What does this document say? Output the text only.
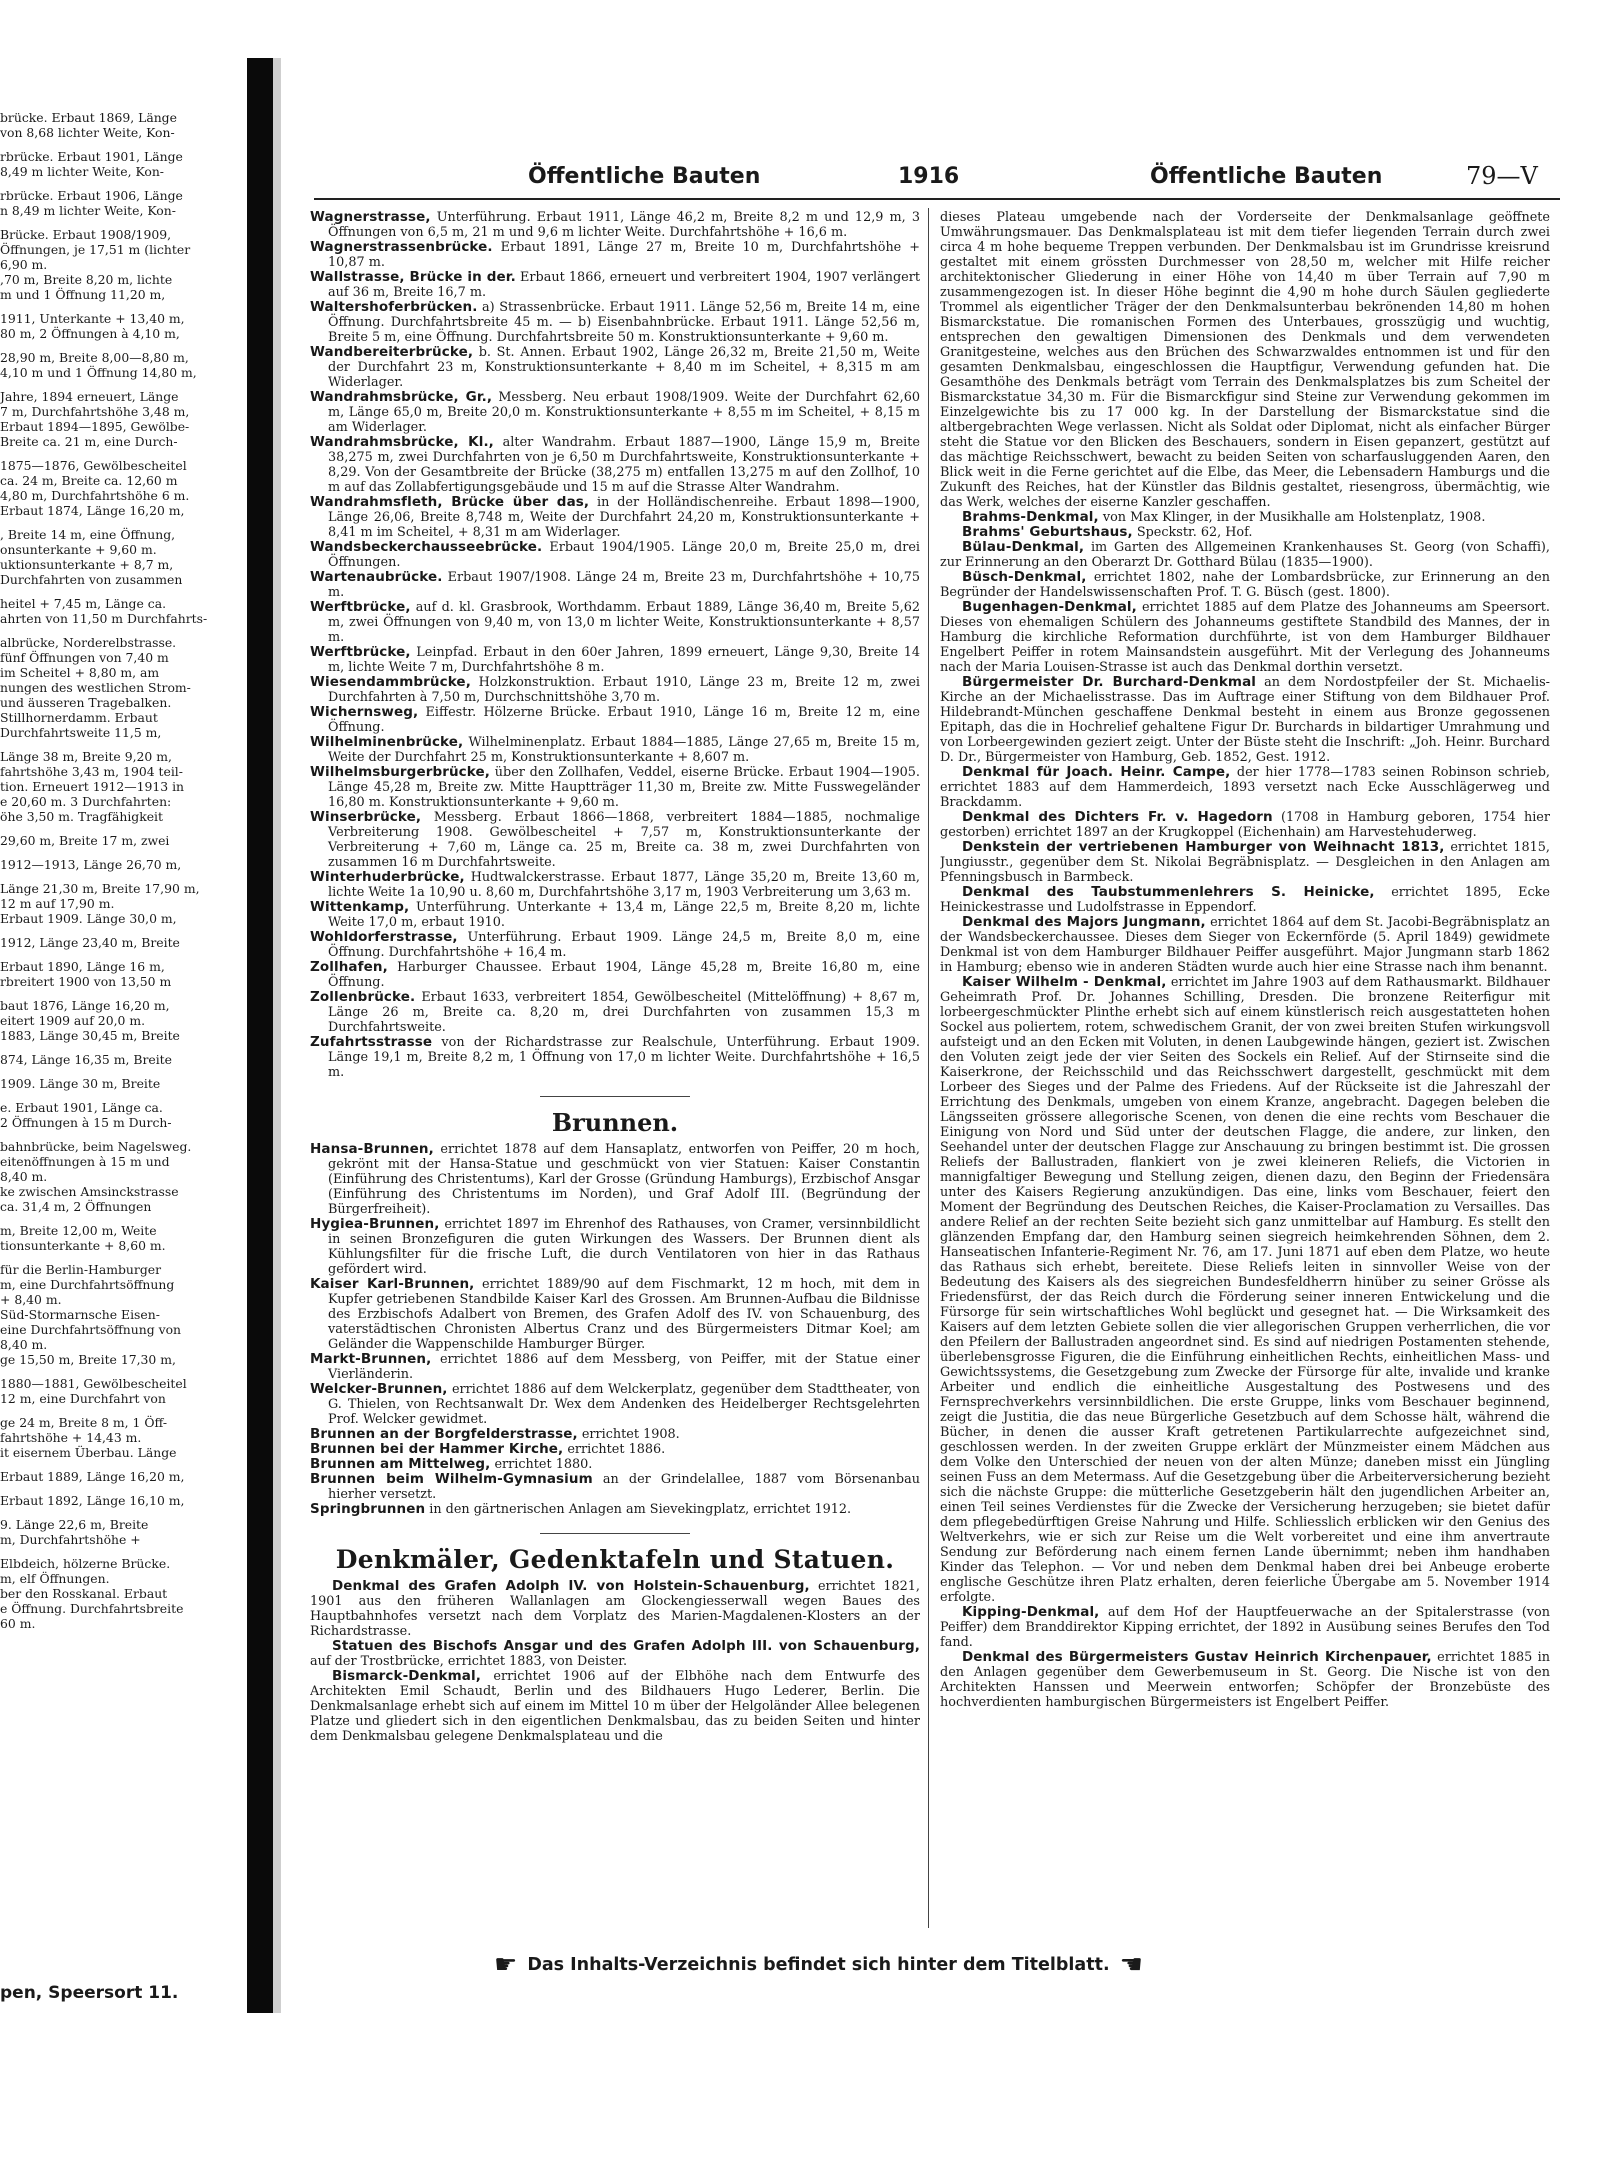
brücke. Erbaut 1869, Länge
von 8,68 lichter Weite, Kon-
rbrücke. Erbaut 1901, Länge
8,49 m lichter Weite, Kon-
rbrücke. Erbaut 1906, Länge
n 8,49 m lichter Weite, Kon-
Brücke. Erbaut 1908/1909,
Öffnungen, je 17,51 m (lichter
6,90 m.
,70 m, Breite 8,20 m, lichte
m und 1 Öffnung 11,20 m,
1911, Unterkante + 13,40 m,
80 m, 2 Öffnungen à 4,10 m,
28,90 m, Breite 8,00—8,80 m,
4,10 m und 1 Öffnung 14,80 m,
Jahre, 1894 erneuert, Länge
7 m, Durchfahrtshöhe 3,48 m,
Erbaut 1894—1895, Gewölbe-
Breite ca. 21 m, eine Durch-
1875—1876, Gewölbescheitel
ca. 24 m, Breite ca. 12,60 m
4,80 m, Durchfahrtshöhe 6 m.
Erbaut 1874, Länge 16,20 m,
, Breite 14 m, eine Öffnung,
onsunterkante + 9,60 m.
uktionsunterkante + 8,7 m,
Durchfahrten von zusammen
heitel + 7,45 m, Länge ca.
ahrten von 11,50 m Durchfahrts-
albrücke, Norderelbstrasse.
fünf Öffnungen von 7,40 m
im Scheitel + 8,80 m, am
nungen des westlichen Strom-
und äusseren Tragebalken.
Stillhornerdamm. Erbaut
Durchfahrtsweite 11,5 m,
Länge 38 m, Breite 9,20 m,
fahrtshöhe 3,43 m, 1904 teil-
tion. Erneuert 1912—1913 in
e 20,60 m. 3 Durchfahrten:
öhe 3,50 m. Tragfähigkeit
29,60 m, Breite 17 m, zwei
1912—1913, Länge 26,70 m,
Länge 21,30 m, Breite 17,90 m,
12 m auf 17,90 m.
Erbaut 1909. Länge 30,0 m,
1912, Länge 23,40 m, Breite
Erbaut 1890, Länge 16 m,
rbreitert 1900 von 13,50 m
baut 1876, Länge 16,20 m,
eitert 1909 auf 20,0 m.
1883, Länge 30,45 m, Breite
874, Länge 16,35 m, Breite
1909. Länge 30 m, Breite
e. Erbaut 1901, Länge ca.
2 Öffnungen à 15 m Durch-
bahnbrücke, beim Nagelsweg.
eitenöffnungen à 15 m und
8,40 m.
ke zwischen Amsinckstrasse
ca. 31,4 m, 2 Öffnungen
m, Breite 12,00 m, Weite
tionsunterkante + 8,60 m.
für die Berlin-Hamburger
m, eine Durchfahrtsöffnung
+ 8,40 m.
Süd-Stormarnsche Eisen-
eine Durchfahrtsöffnung von
8,40 m.
ge 15,50 m, Breite 17,30 m,
1880—1881, Gewölbescheitel
12 m, eine Durchfahrt von
ge 24 m, Breite 8 m, 1 Öff-
fahrtshöhe + 14,43 m.
it eisernem Überbau. Länge
Erbaut 1889, Länge 16,20 m,
Erbaut 1892, Länge 16,10 m,
9. Länge 22,6 m, Breite
m, Durchfahrtshöhe +
Elbdeich, hölzerne Brücke.
m, elf Öffnungen.
ber den Rosskanal. Erbaut
e Öffnung. Durchfahrtsbreite
60 m.
pen, Speersort 11.
Öffentliche Bauten	1916	Öffentliche Bauten	79—V
Wagnerstrasse, Unterführung. Erbaut 1911, Länge 46,2 m, Breite 8,2 m und 12,9 m, 3 Öffnungen von 6,5 m, 21 m und 9,6 m lichter Weite. Durchfahrtshöhe + 16,6 m.
Wagnerstrassenbrücke. Erbaut 1891, Länge 27 m, Breite 10 m, Durchfahrtshöhe + 10,87 m.
Wallstrasse, Brücke in der. Erbaut 1866, erneuert und verbreitert 1904, 1907 verlängert auf 36 m, Breite 16,7 m.
Waltershoferbrücken. a) Strassenbrücke. Erbaut 1911. Länge 52,56 m, Breite 14 m, eine Öffnung. Durchfahrtsbreite 45 m. — b) Eisenbahnbrücke. Erbaut 1911. Länge 52,56 m, Breite 5 m, eine Öffnung. Durchfahrtsbreite 50 m. Konstruktionsunterkante + 9,60 m.
Wandbereiterbrücke, b. St. Annen. Erbaut 1902, Länge 26,32 m, Breite 21,50 m, Weite der Durchfahrt 23 m, Konstruktionsunterkante + 8,40 m im Scheitel, + 8,315 m am Widerlager.
Wandrahmsbrücke, Gr., Messberg. Neu erbaut 1908/1909. Weite der Durchfahrt 62,60 m, Länge 65,0 m, Breite 20,0 m. Konstruktionsunterkante + 8,55 m im Scheitel, + 8,15 m am Widerlager.
Wandrahmsbrücke, Kl., alter Wandrahm. Erbaut 1887—1900, Länge 15,9 m, Breite 38,275 m, zwei Durchfahrten von je 6,50 m Durchfahrtsweite, Konstruktionsunterkante + 8,29. Von der Gesamtbreite der Brücke (38,275 m) entfallen 13,275 m auf den Zollhof, 10 m auf das Zollabfertigungsgebäude und 15 m auf die Strasse Alter Wandrahm.
Wandrahmsfleth, Brücke über das, in der Holländischenreihe. Erbaut 1898—1900, Länge 26,06, Breite 8,748 m, Weite der Durchfahrt 24,20 m, Konstruktionsunterkante + 8,41 m im Scheitel, + 8,31 m am Widerlager.
Wandsbeckerchausseebrücke. Erbaut 1904/1905. Länge 20,0 m, Breite 25,0 m, drei Öffnungen.
Wartenaubrücke. Erbaut 1907/1908. Länge 24 m, Breite 23 m, Durchfahrtshöhe + 10,75 m.
Werftbrücke, auf d. kl. Grasbrook, Worthdamm. Erbaut 1889, Länge 36,40 m, Breite 5,62 m, zwei Öffnungen von 9,40 m, von 13,0 m lichter Weite, Konstruktionsunterkante + 8,57 m.
Werftbrücke, Leinpfad. Erbaut in den 60er Jahren, 1899 erneuert, Länge 9,30, Breite 14 m, lichte Weite 7 m, Durchfahrtshöhe 8 m.
Wiesendammbrücke, Holzkonstruktion. Erbaut 1910, Länge 23 m, Breite 12 m, zwei Durchfahrten à 7,50 m, Durchschnittshöhe 3,70 m.
Wichernsweg, Eiffestr. Hölzerne Brücke. Erbaut 1910, Länge 16 m, Breite 12 m, eine Öffnung.
Wilhelminenbrücke, Wilhelminenplatz. Erbaut 1884—1885, Länge 27,65 m, Breite 15 m, Weite der Durchfahrt 25 m, Konstruktionsunterkante + 8,607 m.
Wilhelmsburgerbrücke, über den Zollhafen, Veddel, eiserne Brücke. Erbaut 1904—1905. Länge 45,28 m, Breite zw. Mitte Hauptträger 11,30 m, Breite zw. Mitte Fusswegeländer 16,80 m. Konstruktionsunterkante + 9,60 m.
Winserbrücke, Messberg. Erbaut 1866—1868, verbreitert 1884—1885, nochmalige Verbreiterung 1908. Gewölbescheitel + 7,57 m, Konstruktionsunterkante der Verbreiterung + 7,60 m, Länge ca. 25 m, Breite ca. 38 m, zwei Durchfahrten von zusammen 16 m Durchfahrtsweite.
Winterhuderbrücke, Hudtwalckerstrasse. Erbaut 1877, Länge 35,20 m, Breite 13,60 m, lichte Weite 1a 10,90 u. 8,60 m, Durchfahrtshöhe 3,17 m, 1903 Verbreiterung um 3,63 m.
Wittenkamp, Unterführung. Unterkante + 13,4 m, Länge 22,5 m, Breite 8,20 m, lichte Weite 17,0 m, erbaut 1910.
Wohldorferstrasse, Unterführung. Erbaut 1909. Länge 24,5 m, Breite 8,0 m, eine Öffnung. Durchfahrtshöhe + 16,4 m.
Zollhafen, Harburger Chaussee. Erbaut 1904, Länge 45,28 m, Breite 16,80 m, eine Öffnung.
Zollenbrücke. Erbaut 1633, verbreitert 1854, Gewölbescheitel (Mittelöffnung) + 8,67 m, Länge 26 m, Breite ca. 8,20 m, drei Durchfahrten von zusammen 15,3 m Durchfahrtsweite.
Zufahrtsstrasse von der Richardstrasse zur Realschule, Unterführung. Erbaut 1909. Länge 19,1 m, Breite 8,2 m, 1 Öffnung von 17,0 m lichter Weite. Durchfahrtshöhe + 16,5 m.
Brunnen.
Hansa-Brunnen, errichtet 1878 auf dem Hansaplatz, entworfen von Peiffer, 20 m hoch, gekrönt mit der Hansa-Statue und geschmückt von vier Statuen: Kaiser Constantin (Einführung des Christentums), Karl der Grosse (Gründung Hamburgs), Erzbischof Ansgar (Einführung des Christentums im Norden), und Graf Adolf III. (Begründung der Bürgerfreiheit).
Hygiea-Brunnen, errichtet 1897 im Ehrenhof des Rathauses, von Cramer, versinnbildlicht in seinen Bronzefiguren die guten Wirkungen des Wassers. Der Brunnen dient als Kühlungsfilter für die frische Luft, die durch Ventilatoren von hier in das Rathaus gefördert wird.
Kaiser Karl-Brunnen, errichtet 1889/90 auf dem Fischmarkt, 12 m hoch, mit dem in Kupfer getriebenen Standbilde Kaiser Karl des Grossen. Am Brunnen-Aufbau die Bildnisse des Erzbischofs Adalbert von Bremen, des Grafen Adolf des IV. von Schauenburg, des vaterstädtischen Chronisten Albertus Cranz und des Bürgermeisters Ditmar Koel; am Geländer die Wappenschilde Hamburger Bürger.
Markt-Brunnen, errichtet 1886 auf dem Messberg, von Peiffer, mit der Statue einer Vierländerin.
Welcker-Brunnen, errichtet 1886 auf dem Welckerplatz, gegenüber dem Stadttheater, von G. Thielen, von Rechtsanwalt Dr. Wex dem Andenken des Heidelberger Rechtsgelehrten Prof. Welcker gewidmet.
Brunnen an der Borgfelderstrasse, errichtet 1908.
Brunnen bei der Hammer Kirche, errichtet 1886.
Brunnen am Mittelweg, errichtet 1880.
Brunnen beim Wilhelm-Gymnasium an der Grindelallee, 1887 vom Börsenanbau hierher versetzt.
Springbrunnen in den gärtnerischen Anlagen am Sievekingplatz, errichtet 1912.
Denkmäler, Gedenktafeln und Statuen.
Denkmal des Grafen Adolph IV. von Holstein-Schauenburg, errichtet 1821, 1901 aus den früheren Wallanlagen am Glockengiesserwall wegen Baues des Hauptbahnhofes versetzt nach dem Vorplatz des Marien-Magdalenen-Klosters an der Richardstrasse.
Statuen des Bischofs Ansgar und des Grafen Adolph III. von Schauenburg, auf der Trostbrücke, errichtet 1883, von Deister.
Bismarck-Denkmal, errichtet 1906 auf der Elbhöhe nach dem Entwurfe des Architekten Emil Schaudt, Berlin und des Bildhauers Hugo Lederer, Berlin. Die Denkmalsanlage erhebt sich auf einem im Mittel 10 m über der Helgoländer Allee belegenen Platze und gliedert sich in den eigentlichen Denkmalsbau, das zu beiden Seiten und hinter dem Denkmalsbau gelegene Denkmalsplateau und die

dieses Plateau umgebende nach der Vorderseite der Denkmalsanlage geöffnete Umwährungsmauer. Das Denkmalsplateau ist mit dem tiefer liegenden Terrain durch zwei circa 4 m hohe bequeme Treppen verbunden. Der Denkmalsbau ist im Grundrisse kreisrund gestaltet mit einem grössten Durchmesser von 28,50 m, welcher mit Hilfe reicher architektonischer Gliederung in einer Höhe von 14,40 m über Terrain auf 7,90 m zusammengezogen ist. In dieser Höhe beginnt die 4,90 m hohe durch Säulen gegliederte Trommel als eigentlicher Träger der den Denkmalsunterbau bekrönenden 14,80 m hohen Bismarckstatue. Die romanischen Formen des Unterbaues, grosszügig und wuchtig, entsprechen den gewaltigen Dimensionen des Denkmals und dem verwendeten Granitgesteine, welches aus den Brüchen des Schwarzwaldes entnommen ist und für den gesamten Denkmalsbau, eingeschlossen die Hauptfigur, Verwendung gefunden hat. Die Gesamthöhe des Denkmals beträgt vom Terrain des Denkmalsplatzes bis zum Scheitel der Bismarckstatue 34,30 m. Für die Bismarckfigur sind Steine zur Verwendung gekommen im Einzelgewichte bis zu 17 000 kg. In der Darstellung der Bismarckstatue sind die altbergebrachten Wege verlassen. Nicht als Soldat oder Diplomat, nicht als einfacher Bürger steht die Statue vor den Blicken des Beschauers, sondern in Eisen gepanzert, gestützt auf das mächtige Reichsschwert, bewacht zu beiden Seiten von scharfausluggenden Aaren, den Blick weit in die Ferne gerichtet auf die Elbe, das Meer, die Lebensadern Hamburgs und die Zukunft des Reiches, hat der Künstler das Bildnis gestaltet, riesengross, übermächtig, wie das Werk, welches der eiserne Kanzler geschaffen.

Brahms-Denkmal, von Max Klinger, in der Musikhalle am Holstenplatz, 1908.
Brahms' Geburtshaus, Speckstr. 62, Hof.
Bülau-Denkmal, im Garten des Allgemeinen Krankenhauses St. Georg (von Schaffi), zur Erinnerung an den Oberarzt Dr. Gotthard Bülau (1835—1900).
Büsch-Denkmal, errichtet 1802, nahe der Lombardsbrücke, zur Erinnerung an den Begründer der Handelswissenschaften Prof. T. G. Büsch (gest. 1800).
Bugenhagen-Denkmal, errichtet 1885 auf dem Platze des Johanneums am Speersort. Dieses von ehemaligen Schülern des Johanneums gestiftete Standbild des Mannes, der in Hamburg die kirchliche Reformation durchführte, ist von dem Hamburger Bildhauer Engelbert Peiffer in rotem Mainsandstein ausgeführt. Mit der Verlegung des Johanneums nach der Maria Louisen-Strasse ist auch das Denkmal dorthin versetzt.
Bürgermeister Dr. Burchard-Denkmal an dem Nordostpfeiler der St. Michaelis-Kirche an der Michaelisstrasse. Das im Auftrage einer Stiftung von dem Bildhauer Prof. Hildebrandt-München geschaffene Denkmal besteht in einem aus Bronze gegossenen Epitaph, das die in Hochrelief gehaltene Figur Dr. Burchards in bildartiger Umrahmung und von Lorbeergewinden geziert zeigt. Unter der Büste steht die Inschrift: „Joh. Heinr. Burchard D. Dr., Bürgermeister von Hamburg, Geb. 1852, Gest. 1912.
Denkmal für Joach. Heinr. Campe, der hier 1778—1783 seinen Robinson schrieb, errichtet 1883 auf dem Hammerdeich, 1893 versetzt nach Ecke Ausschlägerweg und Brackdamm.
Denkmal des Dichters Fr. v. Hagedorn (1708 in Hamburg geboren, 1754 hier gestorben) errichtet 1897 an der Krugkoppel (Eichenhain) am Harvestehuderweg.
Denkstein der vertriebenen Hamburger von Weihnacht 1813, errichtet 1815, Jungiusstr., gegenüber dem St. Nikolai Begräbnisplatz. — Desgleichen in den Anlagen am Pfenningsbusch in Barmbeck.
Denkmal des Taubstummenlehrers S. Heinicke, errichtet 1895, Ecke Heinickestrasse und Ludolfstrasse in Eppendorf.
Denkmal des Majors Jungmann, errichtet 1864 auf dem St. Jacobi-Begräbnisplatz an der Wandsbeckerchaussee. Dieses dem Sieger von Eckernförde (5. April 1849) gewidmete Denkmal ist von dem Hamburger Bildhauer Peiffer ausgeführt. Major Jungmann starb 1862 in Hamburg; ebenso wie in anderen Städten wurde auch hier eine Strasse nach ihm benannt.
Kaiser Wilhelm - Denkmal, errichtet im Jahre 1903 auf dem Rathausmarkt. Bildhauer Geheimrath Prof. Dr. Johannes Schilling, Dresden. Die bronzene Reiterfigur mit lorbeergeschmückter Plinthe erhebt sich auf einem künstlerisch reich ausgestatteten hohen Sockel aus poliertem, rotem, schwedischem Granit, der von zwei breiten Stufen wirkungsvoll aufsteigt und an den Ecken mit Voluten, in denen Laubgewinde hängen, geziert ist. Zwischen den Voluten zeigt jede der vier Seiten des Sockels ein Relief. Auf der Stirnseite sind die Kaiserkrone, der Reichsschild und das Reichsschwert dargestellt, geschmückt mit dem Lorbeer des Sieges und der Palme des Friedens. Auf der Rückseite ist die Jahreszahl der Errichtung des Denkmals, umgeben von einem Kranze, angebracht. Dagegen beleben die Längsseiten grössere allegorische Scenen, von denen die eine rechts vom Beschauer die Einigung von Nord und Süd unter der deutschen Flagge, die andere, zur linken, den Seehandel unter der deutschen Flagge zur Anschauung zu bringen bestimmt ist. Die grossen Reliefs der Ballustraden, flankiert von je zwei kleineren Reliefs, die Victorien in mannigfaltiger Bewegung und Stellung zeigen, dienen dazu, den Beginn der Friedensära unter des Kaisers Regierung anzukündigen. Das eine, links vom Beschauer, feiert den Moment der Begründung des Deutschen Reiches, die Kaiser-Proclamation zu Versailles. Das andere Relief an der rechten Seite bezieht sich ganz unmittelbar auf Hamburg. Es stellt den glänzenden Empfang dar, den Hamburg seinen siegreich heimkehrenden Söhnen, dem 2. Hanseatischen Infanterie-Regiment Nr. 76, am 17. Juni 1871 auf eben dem Platze, wo heute das Rathaus sich erhebt, bereitete. Diese Reliefs leiten in sinnvoller Weise von der Bedeutung des Kaisers als des siegreichen Bundesfeldherrn hinüber zu seiner Grösse als Friedensfürst, der das Reich durch die Förderung seiner inneren Entwickelung und die Fürsorge für sein wirtschaftliches Wohl beglückt und gesegnet hat. — Die Wirksamkeit des Kaisers auf dem letzten Gebiete sollen die vier allegorischen Gruppen verherrlichen, die vor den Pfeilern der Ballustraden angeordnet sind. Es sind auf niedrigen Postamenten stehende, überlebensgrosse Figuren, die die Einführung einheitlichen Rechts, einheitlichen Mass- und Gewichtssystems, die Gesetzgebung zum Zwecke der Fürsorge für alte, invalide und kranke Arbeiter und endlich die einheitliche Ausgestaltung des Postwesens und des Fernsprechverkehrs versinnbildlichen. Die erste Gruppe, links vom Beschauer beginnend, zeigt die Justitia, die das neue Bürgerliche Gesetzbuch auf dem Schosse hält, während die Bücher, in denen die ausser Kraft getretenen Partikularrechte aufgezeichnet sind, geschlossen werden. In der zweiten Gruppe erklärt der Münzmeister einem Mädchen aus dem Volke den Unterschied der neuen von der alten Münze; daneben misst ein Jüngling seinen Fuss an dem Metermass. Auf die Gesetzgebung über die Arbeiterversicherung bezieht sich die nächste Gruppe: die mütterliche Gesetzgeberin hält den jugendlichen Arbeiter an, einen Teil seines Verdienstes für die Zwecke der Versicherung herzugeben; sie bietet dafür dem pflegebedürftigen Greise Nahrung und Hilfe. Schliesslich erblicken wir den Genius des Weltverkehrs, wie er sich zur Reise um die Welt vorbereitet und eine ihm anvertraute Sendung zur Beförderung nach einem fernen Lande übernimmt; neben ihm handhaben Kinder das Telephon. — Vor und neben dem Denkmal haben drei bei Anbeuge erobertе englische Geschütze ihren Platz erhalten, deren feierliche Übergabe am 5. November 1914 erfolgte.
Kipping-Denkmal, auf dem Hof der Hauptfeuerwache an der Spitalerstrasse (von Peiffer) dem Branddirektor Kipping errichtet, der 1892 in Ausübung seines Berufes den Tod fand.
Denkmal des Bürgermeisters Gustav Heinrich Kirchenpauer, errichtet 1885 in den Anlagen gegenüber dem Gewerbemuseum in St. Georg. Die Nische ist von den Architekten Hanssen und Meerwein entworfen; Schöpfer der Bronzebüste des hochverdienten hamburgischen Bürgermeisters ist Engelbert Peiffer.
☛ Das Inhalts-Verzeichnis befindet sich hinter dem Titelblatt. ☚
